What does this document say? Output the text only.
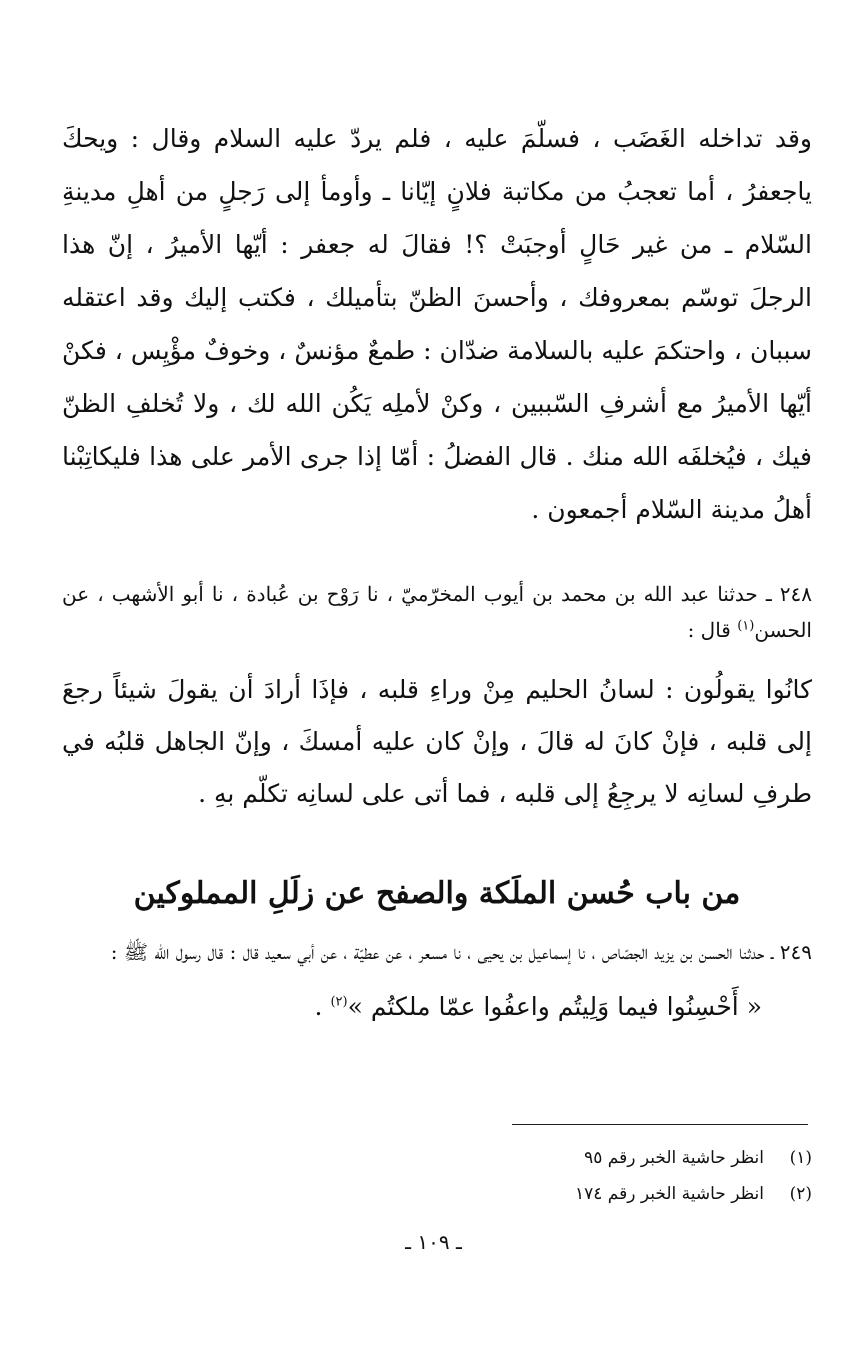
وقد تداخله الغَضَب ، فسلّمَ عليه ، فلم يردّ عليه السلام وقال : ويحكَ ياجعفرُ ، أما تعجبُ من مكاتبة فلانٍ إيّانا ـ وأومأ إلى رَجلٍ من أهلِ مدينةِ السّلام ـ من غير حَالٍ أوجبَتْ ؟! فقالَ له جعفر : أيّها الأميرُ ، إنّ هذا الرجلَ توسّم بمعروفك ، وأحسنَ الظنّ بتأميلك ، فكتب إليك وقد اعتقله سببان ، واحتكمَ عليه بالسلامة ضدّان : طمعٌ مؤنسٌ ، وخوفٌ مؤْيِس ، فكنْ أيّها الأميرُ مع أشرفِ السّببين ، وكنْ لأملِه يَكُن الله لك ، ولا تُخلفِ الظنّ فيك ، فيُخلفَه الله منك . قال الفضلُ : أمّا إذا جرى الأمر على هذا فليكاتِبْنا أهلُ مدينة السّلام أجمعون .

٢٤٨ ـ حدثنا عبد الله بن محمد بن أيوب المخرّميّ ، نا رَوْح بن عُبادة ، نا أبو الأشهب ، عن الحسن$^{(١)}$ قال :

كانُوا يقولُون : لسانُ الحليم مِنْ وراءِ قلبه ، فإذَا أرادَ أن يقولَ شيئاً رجعَ إلى قلبه ، فإنْ كانَ له قالَ ، وإنْ كان عليه أمسكَ ، وإنّ الجاهل قلبُه في طرفِ لسانِه لا يرجِعُ إلى قلبه ، فما أتى على لسانِه تكلّم بهِ .

من باب حُسن الملَكة والصفح عن زلَلِ المملوكين

٢٤٩ ـ حدثنا الحسن بن يزيد الجصّاص ، نا إسماعيل بن يحيى ، نا مسعر ، عن عطيّة ، عن أبي سعيد قال : قال رسول الله ﷺ :

« أَحْسِنُوا فيما وَلِيتُم واعفُوا عمّا ملكتُم »$^{(٢)}$ .

(١)انظر حاشية الخبر رقم ٩٥
(٢)انظر حاشية الخبر رقم ١٧٤
ـ ١٠٩ ـ
